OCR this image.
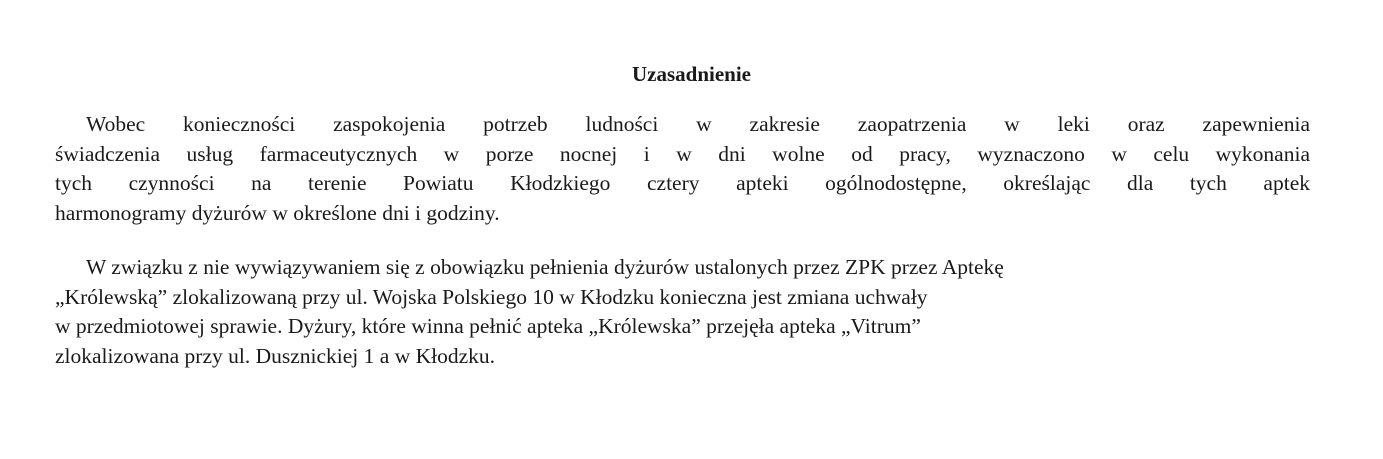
Uzasadnienie

Wobec konieczności zaspokojenia potrzeb ludności w zakresie zaopatrzenia w leki oraz zapewnienia
świadczenia usług farmaceutycznych w porze nocnej i w dni wolne od pracy, wyznaczono w celu wykonania
tych czynności na terenie Powiatu Kłodzkiego cztery apteki ogólnodostępne, określając dla tych aptek
harmonogramy dyżurów w określone dni i godziny.

W związku z nie wywiązywaniem się z obowiązku pełnienia dyżurów ustalonych przez ZPK przez Aptekę
„Królewską” zlokalizowaną przy ul. Wojska Polskiego 10 w Kłodzku konieczna jest zmiana uchwały
w przedmiotowej sprawie. Dyżury, które winna pełnić apteka „Królewska” przejęła apteka „Vitrum”
zlokalizowana przy ul. Dusznickiej 1 a w Kłodzku.
